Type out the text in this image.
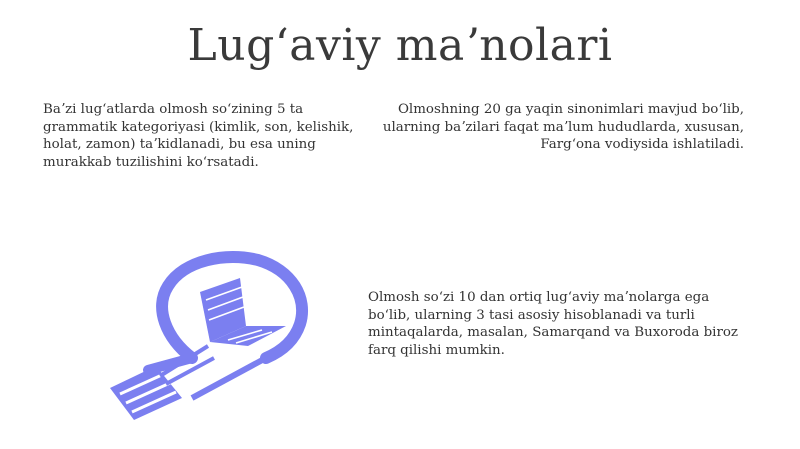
Lugʻaviy maʼnolari
Baʼzi lugʻatlarda olmosh soʻzining 5 ta grammatik kategoriyasi (kimlik, son, kelishik, holat, zamon) taʼkidlanadi, bu esa uning murakkab tuzilishini koʻrsatadi.
Olmoshning 20 ga yaqin sinonimlari mavjud boʻlib, ularning baʼzilari faqat maʼlum hududlarda, xususan, Fargʻona vodiysida ishlatiladi.
Olmosh soʻzi 10 dan ortiq lugʻaviy maʼnolarga ega boʻlib, ularning 3 tasi asosiy hisoblanadi va turli mintaqalarda, masalan, Samarqand va Buxoroda biroz farq qilishi mumkin.
